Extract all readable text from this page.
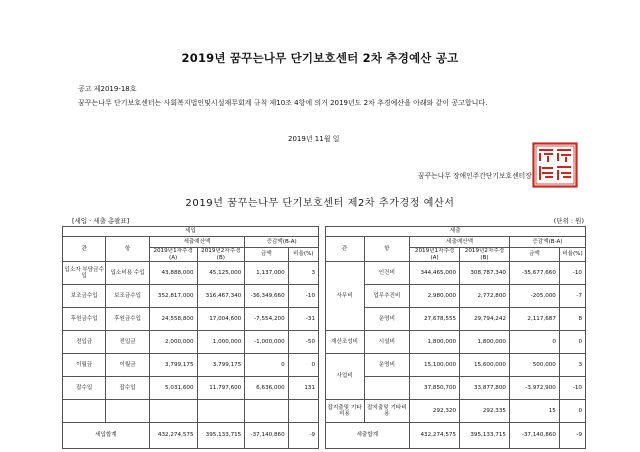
2019년 꿈꾸는나무 단기보호센터 2차 추경예산 공고
공고 제2019-18호
꿈꾸는나무 단기보호센터는 사회복지법인및시설재무회계 규칙 제10조 4항에 의거 2019년도 2차 추경예산을 아래와 같이 공고합니다.
2019년 11월 일
꿈꾸는나무 장애인주간단기보호센터장
2019년 꿈꾸는나무 단기보호센터 제2차 추가경정 예산서
[세입 · 세출 총괄표]	(단위 : 원)
세입							세출					
관	항	세출예산액		증감액(B-A)			관	항	세출예산액		증감액(B-A)	
		2019년1차추경(A)	2019년2차추경(B)	금액	비율(%)				2019년1차추경(A)	2019년2차추경(B)	금액	비율(%)
입소자 부담금수입	입소비용 수입	43,888,000	45,125,000	1,137,000	3		사무비	인건비	344,465,000	308,787,340	-35,677,660	-10
보조금수입	보조금수입	352,817,000	316,467,340	-36,349,660	-10			업무추진비	2,980,000	2,772,800	-205,000	-7
후원금수입	후원금수입	24,558,800	17,004,600	-7,554,200	-31			운영비	27,678,555	29,794,242	2,117,687	8
전입금	전입금	2,000,000	1,000,000	-1,000,000	-50		재산조성비	시설비	1,800,000	1,800,000	0	0
이월금	이월금	3,799,175	3,799,175	0	0		사업비	운영비	15,100,000	15,600,000	500,000	3
잡수입	잡수입	5,031,600	11,797,600	6,636,000	131				37,850,700	33,877,800	-3,972,900	-10
							잡지출및 기타비용	잡지출및 기타비용	292,320	292,335	15	0
세입합계		432,274,575	395,133,715	-37,140,860	-9		세출합계		432,274,575	395,133,715	-37,140,860	-9
